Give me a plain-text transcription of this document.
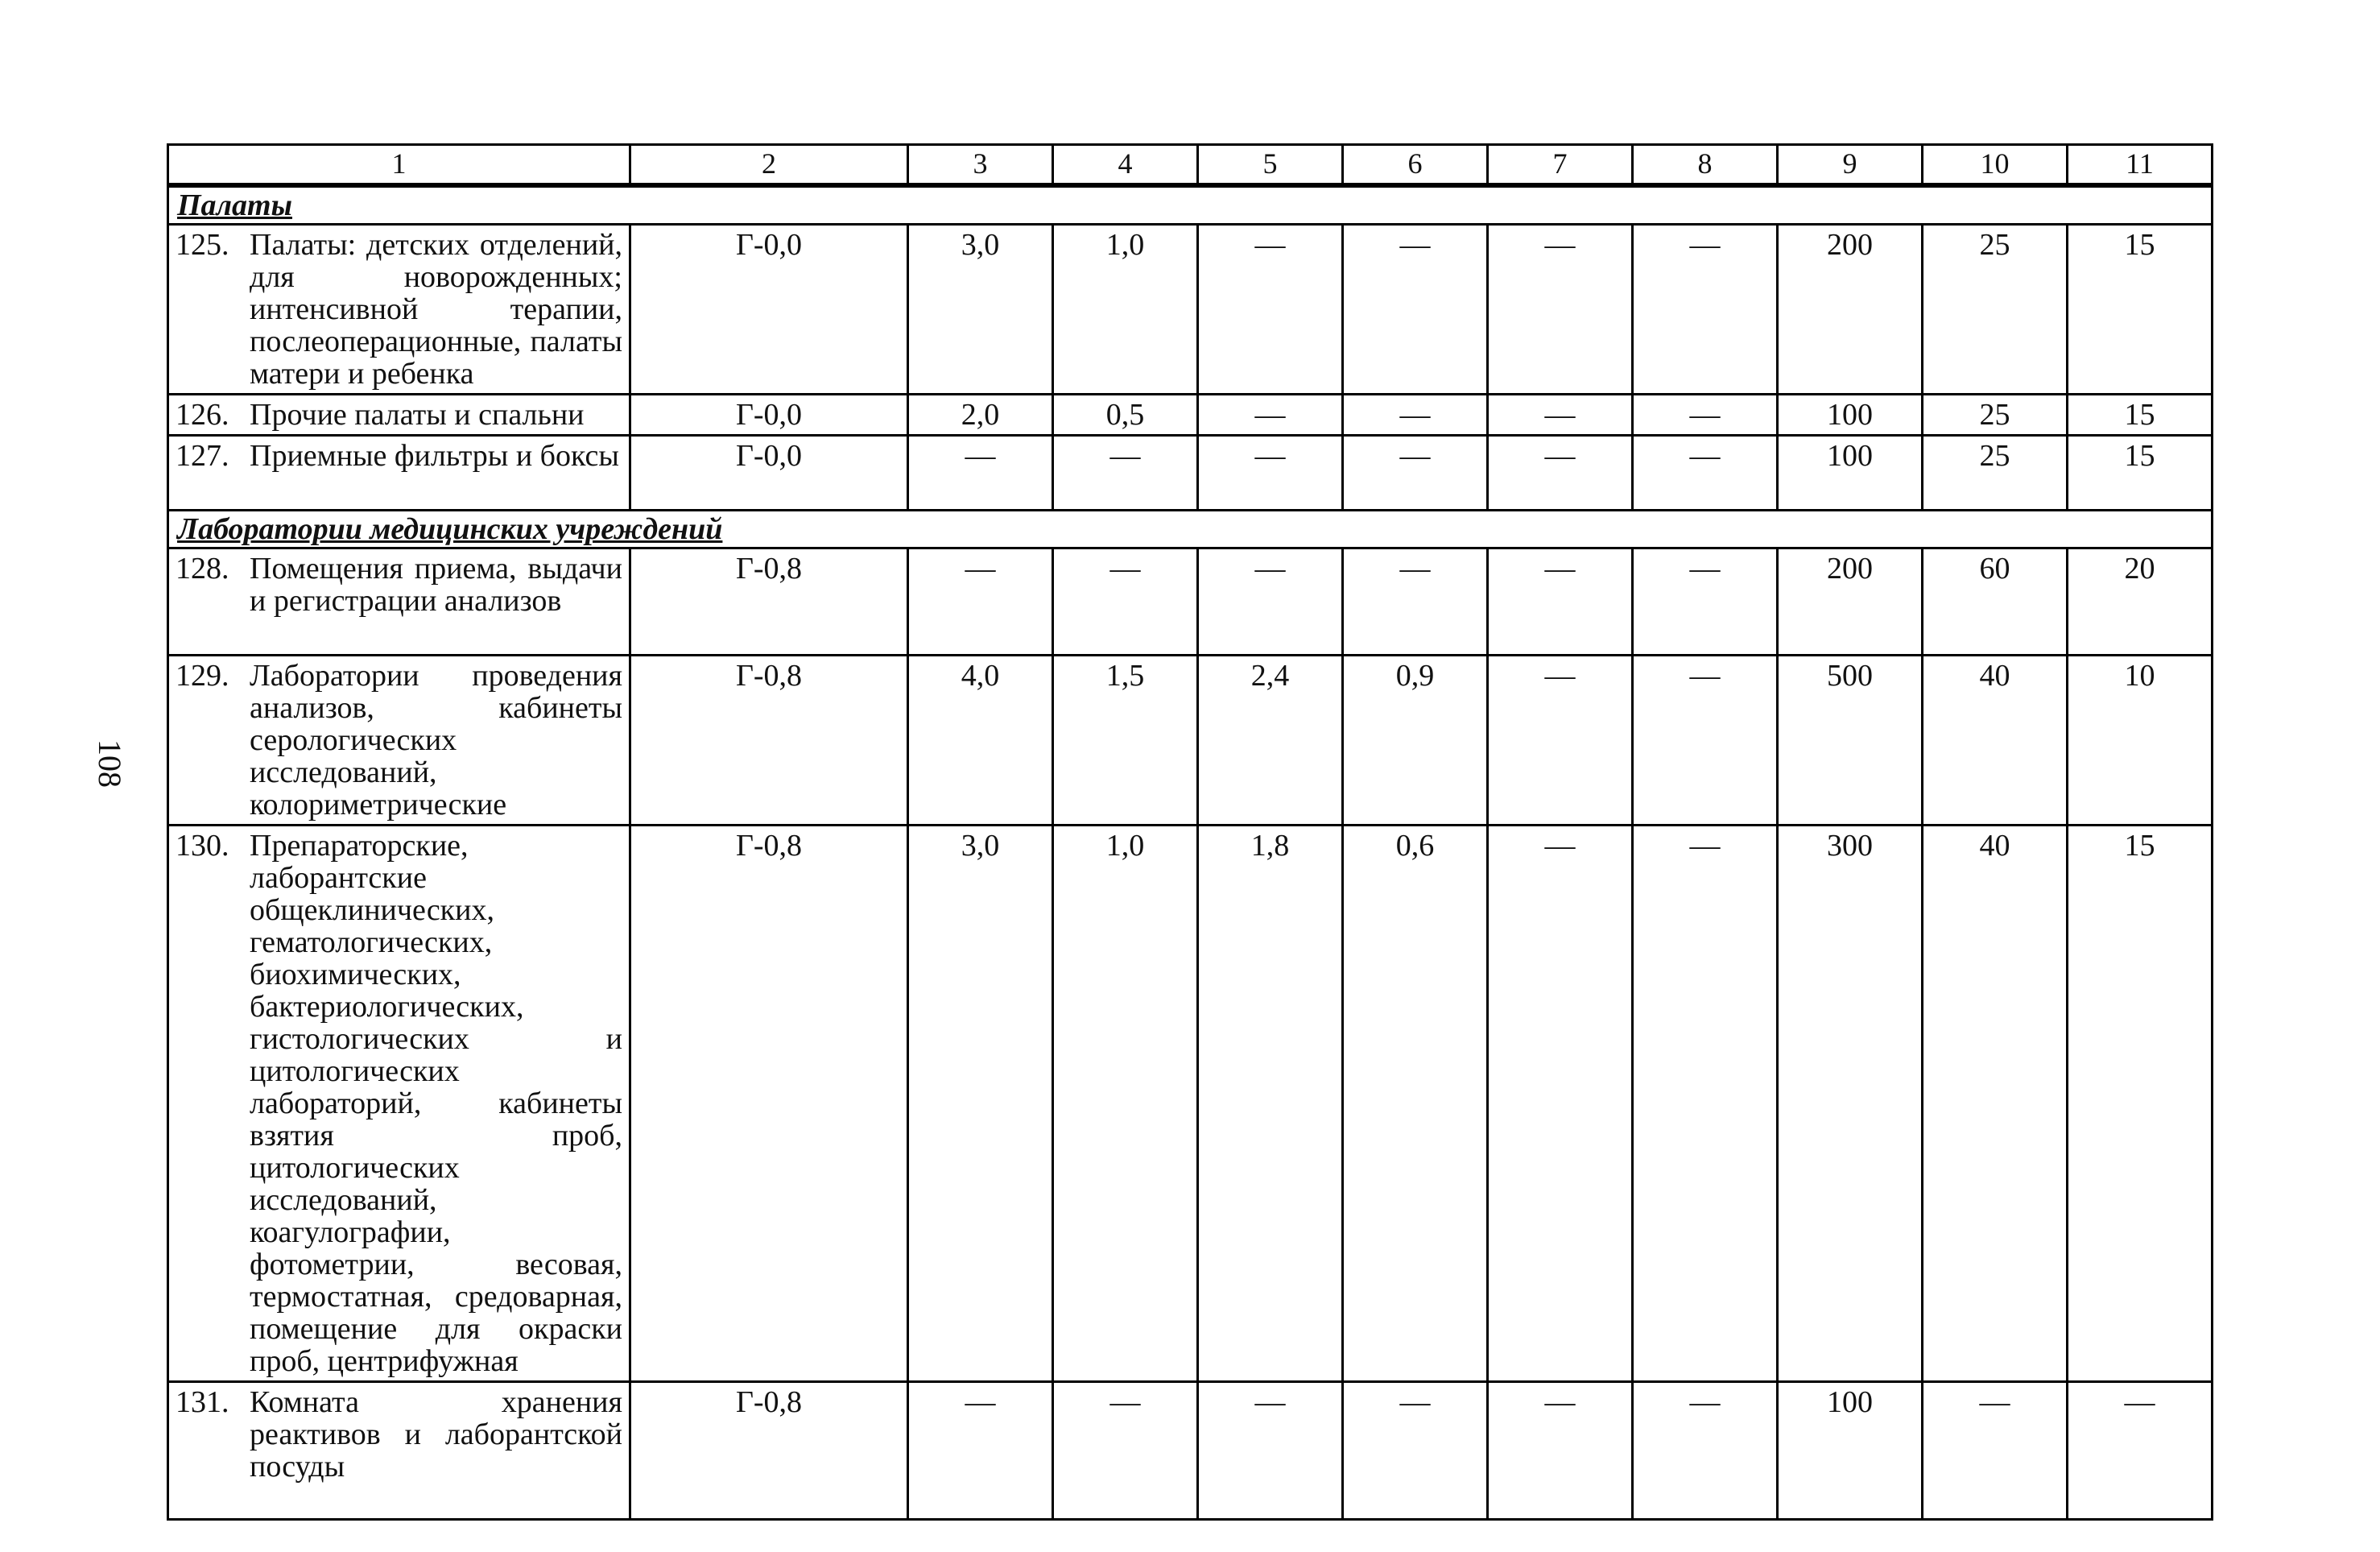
108
1	2	3	4	5	6	7	8	9	10	11
Палаты										

125. Палаты: детских отделений, для новорожденных; интенсивной терапии, послеоперационные, палаты матери и ребенка	Г-0,0	3,0	1,0	—	—	—	—	200	25	15

126. Прочие палаты и спальни	Г-0,0	2,0	0,5	—	—	—	—	100	25	15

127. Приемные фильтры и боксы	Г-0,0	—	—	—	—	—	—	100	25	15
Лаборатории медицинских учреждений										

128. Помещения приема, выдачи и регистрации анализов	Г-0,8	—	—	—	—	—	—	200	60	20

129. Лаборатории проведения анализов, кабинеты серологических исследований, колориметрические	Г-0,8	4,0	1,5	2,4	0,9	—	—	500	40	10

130. Препараторские, лаборантские общеклинических, гематологических, биохимических, бактериологических, гистологических и цитологических лабораторий, кабинеты взятия проб, цитологических исследований, коагулографии, фотометрии, весовая, термостатная, средоварная, помещение для окраски проб, центрифужная	Г-0,8	3,0	1,0	1,8	0,6	—	—	300	40	15

131. Комната хранения реактивов и лаборантской посуды	Г-0,8	—	—	—	—	—	—	100	—	—
